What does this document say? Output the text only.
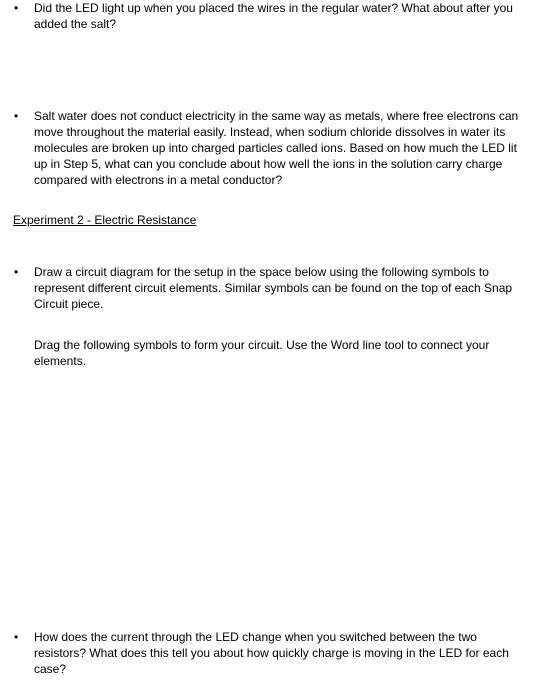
•	Did the LED light up when you placed the wires in the regular water? What about after you added the salt?

•	Salt water does not conduct electricity in the same way as metals, where free electrons can move throughout the material easily. Instead, when sodium chloride dissolves in water its molecules are broken up into charged particles called ions. Based on how much the LED lit up in Step 5, what can you conclude about how well the ions in the solution carry charge compared with electrons in a metal conductor?

Experiment 2 - Electric Resistance

•	Draw a circuit diagram for the setup in the space below using the following symbols to represent different circuit elements. Similar symbols can be found on the top of each Snap Circuit piece.

Drag the following symbols to form your circuit. Use the Word line tool to connect your elements.

•	How does the current through the LED change when you switched between the two resistors? What does this tell you about how quickly charge is moving in the LED for each case?
